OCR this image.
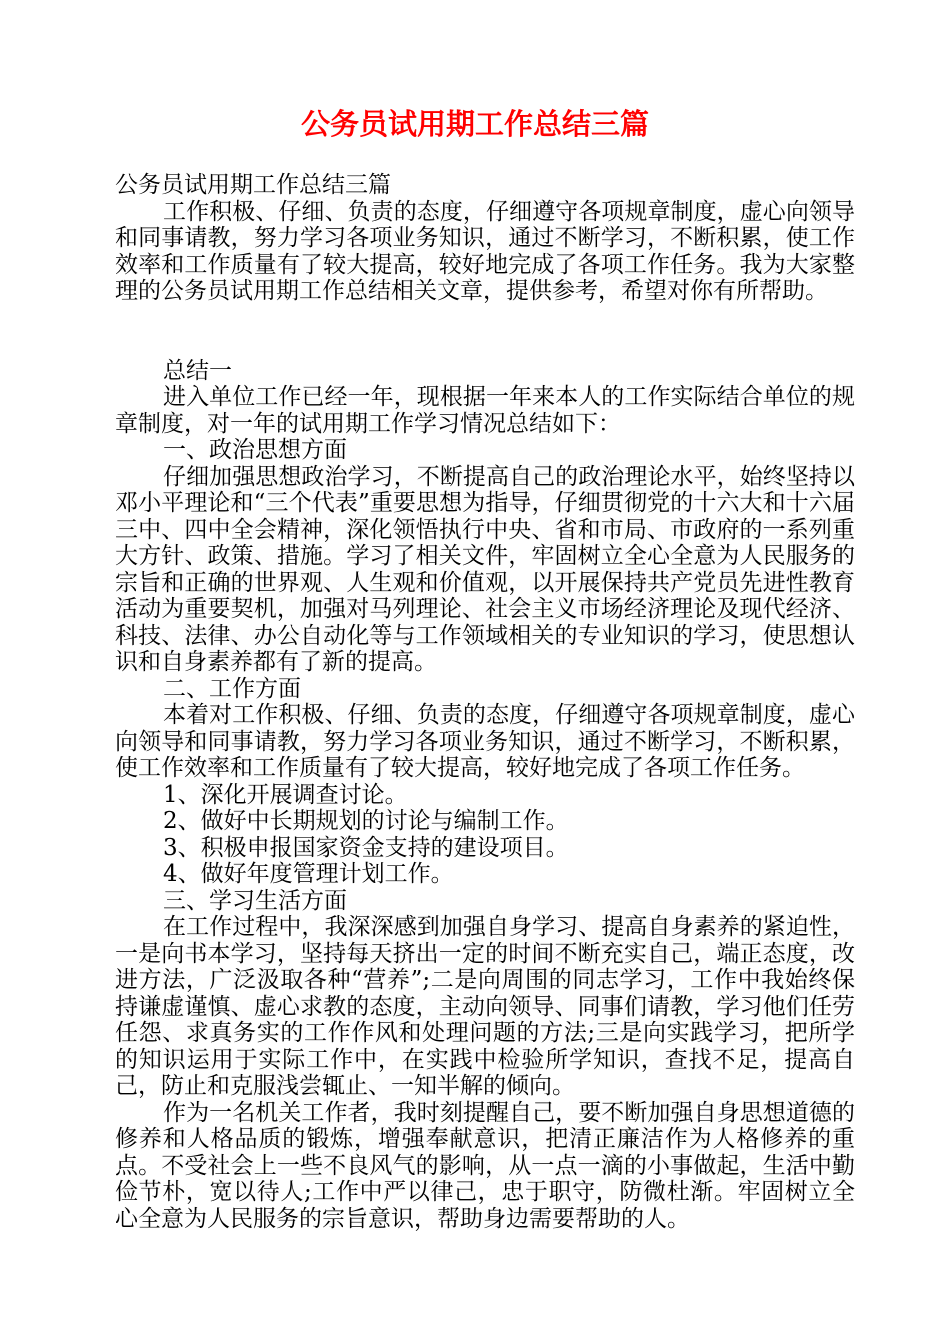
公务员试用期工作总结三篇

公务员试用期工作总结三篇

工作积极、仔细、负责的态度，仔细遵守各项规章制度，虚心向领导和同事请教，努力学习各项业务知识，通过不断学习，不断积累，使工作效率和工作质量有了较大提高，较好地完成了各项工作任务。我为大家整理的公务员试用期工作总结相关文章，提供参考，希望对你有所帮助。

总结一

进入单位工作已经一年，现根据一年来本人的工作实际结合单位的规章制度，对一年的试用期工作学习情况总结如下：

一、政治思想方面

仔细加强思想政治学习，不断提高自己的政治理论水平，始终坚持以邓小平理论和“三个代表”重要思想为指导，仔细贯彻党的十六大和十六届三中、四中全会精神，深化领悟执行中央、省和市局、市政府的一系列重大方针、政策、措施。学习了相关文件，牢固树立全心全意为人民服务的宗旨和正确的世界观、人生观和价值观，以开展保持共产党员先进性教育活动为重要契机，加强对马列理论、社会主义市场经济理论及现代经济、科技、法律、办公自动化等与工作领域相关的专业知识的学习，使思想认识和自身素养都有了新的提高。

二、工作方面

本着对工作积极、仔细、负责的态度，仔细遵守各项规章制度，虚心向领导和同事请教，努力学习各项业务知识，通过不断学习，不断积累，使工作效率和工作质量有了较大提高，较好地完成了各项工作任务。

1、深化开展调查讨论。

2、做好中长期规划的讨论与编制工作。

3、积极申报国家资金支持的建设项目。

4、做好年度管理计划工作。

三、学习生活方面

在工作过程中，我深深感到加强自身学习、提高自身素养的紧迫性，一是向书本学习，坚持每天挤出一定的时间不断充实自己，端正态度，改进方法，广泛汲取各种“营养”;二是向周围的同志学习，工作中我始终保持谦虚谨慎、虚心求教的态度，主动向领导、同事们请教，学习他们任劳任怨、求真务实的工作作风和处理问题的方法;三是向实践学习，把所学的知识运用于实际工作中，在实践中检验所学知识，查找不足，提高自己，防止和克服浅尝辄止、一知半解的倾向。

作为一名机关工作者，我时刻提醒自己，要不断加强自身思想道德的修养和人格品质的锻炼，增强奉献意识，把清正廉洁作为人格修养的重点。不受社会上一些不良风气的影响，从一点一滴的小事做起，生活中勤俭节朴，宽以待人;工作中严以律己，忠于职守，防微杜渐。牢固树立全心全意为人民服务的宗旨意识，帮助身边需要帮助的人。
